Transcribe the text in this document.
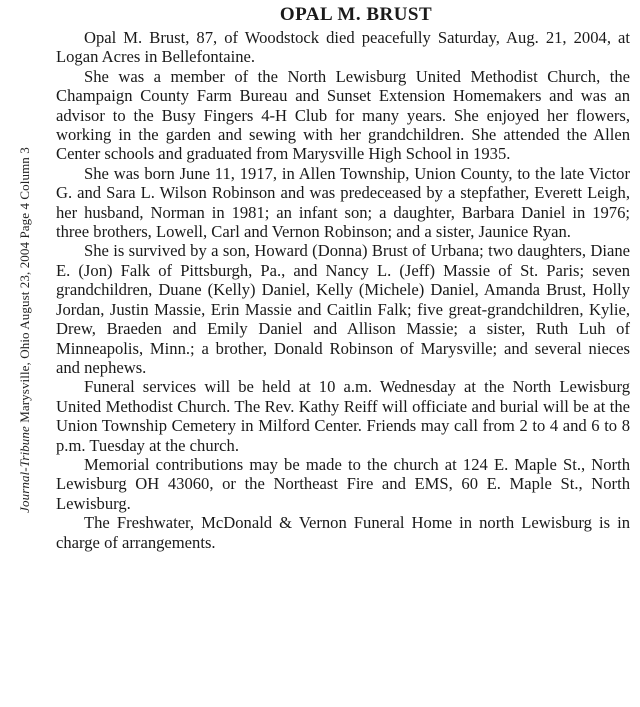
Journal-Tribune Marysville, Ohio August 23, 2004 Page 4 Column 3
OPAL M. BRUST

Opal M. Brust, 87, of Woodstock died peacefully Saturday, Aug. 21, 2004, at Logan Acres in Bellefontaine.

She was a member of the North Lewisburg United Methodist Church, the Champaign County Farm Bureau and Sunset Extension Homemakers and was an advisor to the Busy Fingers 4-H Club for many years. She enjoyed her flowers, working in the garden and sewing with her grandchildren. She attended the Allen Center schools and graduated from Marysville High School in 1935.

She was born June 11, 1917, in Allen Township, Union County, to the late Victor G. and Sara L. Wilson Robinson and was predeceased by a stepfather, Everett Leigh, her husband, Norman in 1981; an infant son; a daughter, Barbara Daniel in 1976; three brothers, Lowell, Carl and Vernon Robinson; and a sister, Jaunice Ryan.

She is survived by a son, Howard (Donna) Brust of Urbana; two daughters, Diane E. (Jon) Falk of Pittsburgh, Pa., and Nancy L. (Jeff) Massie of St. Paris; seven grandchildren, Duane (Kelly) Daniel, Kelly (Michele) Daniel, Amanda Brust, Holly Jordan, Justin Massie, Erin Massie and Caitlin Falk; five great-grandchildren, Kylie, Drew, Braeden and Emily Daniel and Allison Massie; a sister, Ruth Luh of Minneapolis, Minn.; a brother, Donald Robinson of Marysville; and several nieces and nephews.

Funeral services will be held at 10 a.m. Wednesday at the North Lewisburg United Methodist Church. The Rev. Kathy Reiff will officiate and burial will be at the Union Township Cemetery in Milford Center. Friends may call from 2 to 4 and 6 to 8 p.m. Tuesday at the church.

Memorial contributions may be made to the church at 124 E. Maple St., North Lewisburg OH 43060, or the Northeast Fire and EMS, 60 E. Maple St., North Lewisburg.

The Freshwater, McDonald & Vernon Funeral Home in north Lewisburg is in charge of arrangements.
